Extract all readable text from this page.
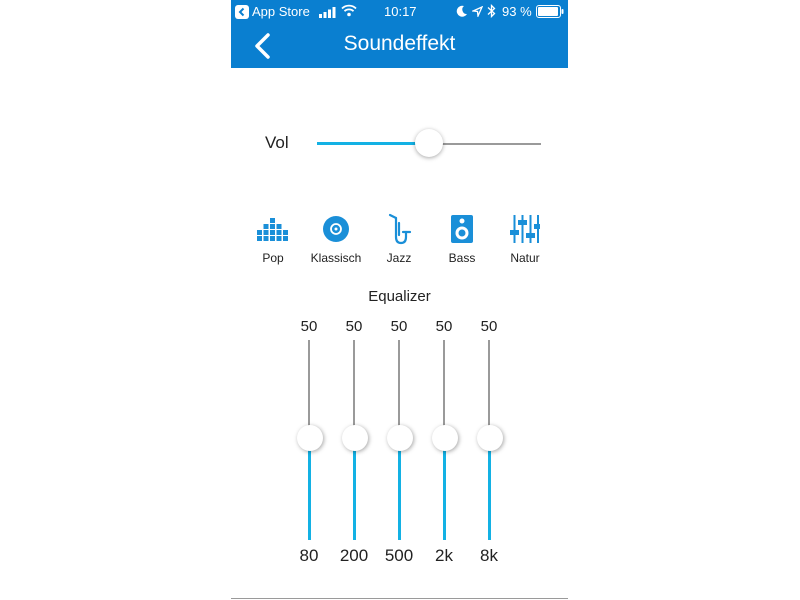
App Store	10:17	93 %
Soundeffekt
Vol
Pop	Klassisch	Jazz	Bass	Natur
Equalizer
50
80
50
200
50
500
50
2k
50
8k
